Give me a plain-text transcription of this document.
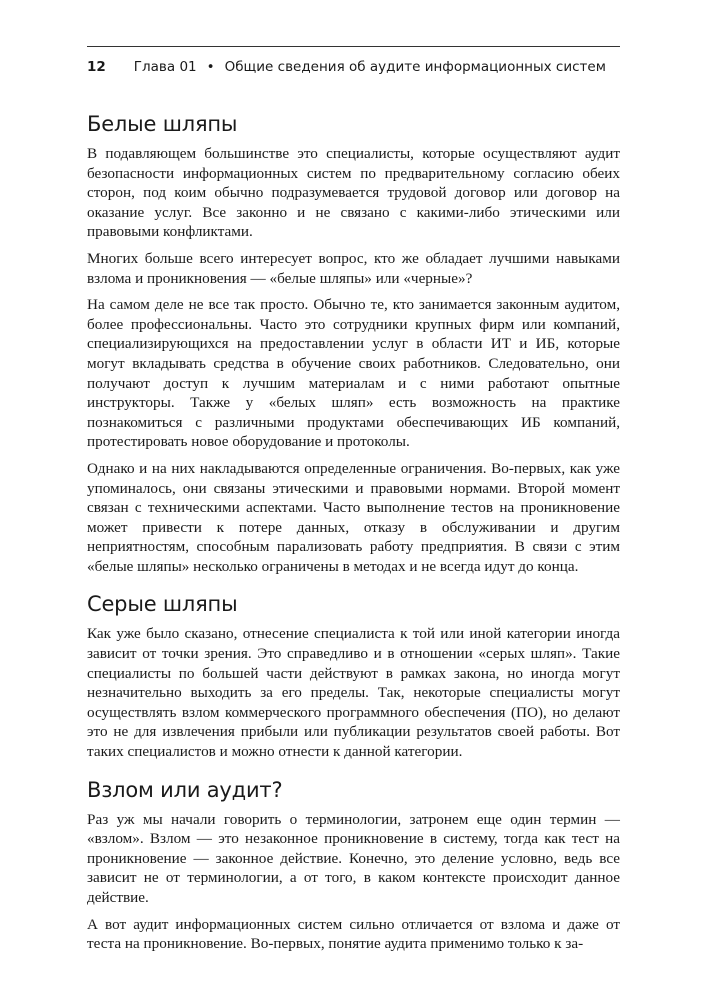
12 Глава 01 • Общие сведения об аудите информационных систем
Белые шляпы

В подавляющем большинстве это специалисты, которые осуществляют аудит безопасности информационных систем по предварительному согласию обеих сторон, под коим обычно подразумевается трудовой договор или договор на оказание услуг. Все законно и не связано с какими-либо этическими или правовыми конфликтами.

Многих больше всего интересует вопрос, кто же обладает лучшими навыками взлома и проникновения — «белые шляпы» или «черные»?

На самом деле не все так просто. Обычно те, кто занимается законным аудитом, более профессиональны. Часто это сотрудники крупных фирм или компаний, специализирующихся на предоставлении услуг в области ИТ и ИБ, которые могут вкладывать средства в обучение своих работников. Следовательно, они получают доступ к лучшим материалам и с ними работают опытные инструкторы. Также у «белых шляп» есть возможность на практике познакомиться с различными продуктами обеспечивающих ИБ компаний, протестировать новое оборудование и протоколы.

Однако и на них накладываются определенные ограничения. Во-первых, как уже упоминалось, они связаны этическими и правовыми нормами. Второй момент связан с техническими аспектами. Часто выполнение тестов на проникновение может привести к потере данных, отказу в обслуживании и другим неприятностям, способным парализовать работу предприятия. В связи с этим «белые шляпы» несколько ограничены в методах и не всегда идут до конца.

Серые шляпы

Как уже было сказано, отнесение специалиста к той или иной категории иногда зависит от точки зрения. Это справедливо и в отношении «серых шляп». Такие специалисты по большей части действуют в рамках закона, но иногда могут незначительно выходить за его пределы. Так, некоторые специалисты могут осуществлять взлом коммерческого программного обеспечения (ПО), но делают это не для извлечения прибыли или публикации результатов своей работы. Вот таких специалистов и можно отнести к данной категории.

Взлом или аудит?

Раз уж мы начали говорить о терминологии, затронем еще один термин — «взлом». Взлом — это незаконное проникновение в систему, тогда как тест на проникновение — законное действие. Конечно, это деление условно, ведь все зависит не от терминологии, а от того, в каком контексте происходит данное действие.

А вот аудит информационных систем сильно отличается от взлома и даже от теста на проникновение. Во-первых, понятие аудита применимо только к за-
